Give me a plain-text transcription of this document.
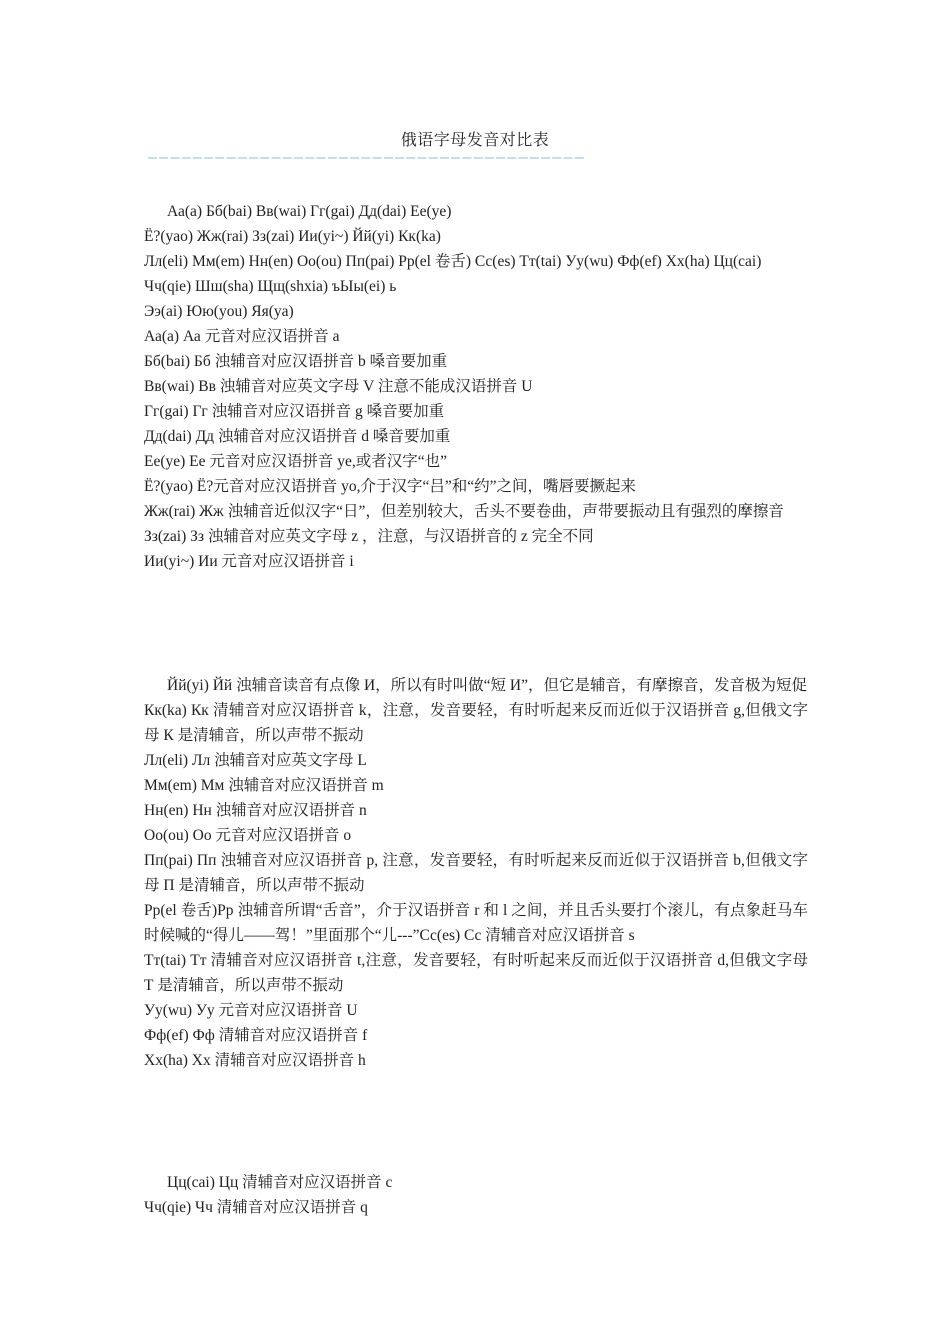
俄语字母发音对比表
———————————————————————————————————————

Аа(a) Бб(bai) Вв(wai) Гг(gai) Дд(dai) Ее(ye)

Ё?(yao) Жж(rai) Зз(zai) Ии(yi~) Йй(yi) Кк(ka)

Лл(eli) Мм(em) Нн(en) Оо(ou) Пп(pai) Рр(el 卷舌) Сс(es) Тт(tai) Уу(wu) Фф(ef) Хх(ha) Цц(cai)

Чч(qie) Шш(sha) Щщ(shxia) ъЫы(ei) ь

Ээ(ai) Юю(you) Яя(ya)

Аа(a) Аа 元音对应汉语拼音 a

Бб(bai) Бб 浊辅音对应汉语拼音 b 嗓音要加重

Вв(wai) Вв 浊辅音对应英文字母 V 注意不能成汉语拼音 U

Гг(gai) Гг 浊辅音对应汉语拼音 g 嗓音要加重

Дд(dai) Дд 浊辅音对应汉语拼音 d 嗓音要加重

Ее(ye) Ее 元音对应汉语拼音 ye,或者汉字“也”

Ё?(yao) Ё?元音对应汉语拼音 yo,介于汉字“吕”和“约”之间，嘴唇要撅起来

Жж(rai) Жж 浊辅音近似汉字“日”，但差别较大，舌头不要卷曲，声带要振动且有强烈的摩擦音

Зз(zai) Зз 浊辅音对应英文字母 z ，注意，与汉语拼音的 z 完全不同

Ии(yi~) Ии 元音对应汉语拼音 i

Йй(yi) Йй 浊辅音读音有点像 И，所以有时叫做“短 И”，但它是辅音，有摩擦音，发音极为短促

Кк(ka) Кк 清辅音对应汉语拼音 k，注意，发音要轻，有时听起来反而近似于汉语拼音 g,但俄文字母 К 是清辅音，所以声带不振动

Лл(eli) Лл 浊辅音对应英文字母 L

Мм(em) Мм 浊辅音对应汉语拼音 m

Нн(en) Нн 浊辅音对应汉语拼音 n

Оо(ou) Оо 元音对应汉语拼音 o

Пп(pai) Пп 浊辅音对应汉语拼音 p, 注意，发音要轻，有时听起来反而近似于汉语拼音 b,但俄文字母 П 是清辅音，所以声带不振动

Рр(el 卷舌)Рр 浊辅音所谓“舌音”，介于汉语拼音 r 和 l 之间，并且舌头要打个滚儿，有点象赶马车时候喊的“得儿——驾！”里面那个“儿---”Сс(es) Сс 清辅音对应汉语拼音 s

Тт(tai) Тт 清辅音对应汉语拼音 t,注意，发音要轻，有时听起来反而近似于汉语拼音 d,但俄文字母 Т 是清辅音，所以声带不振动

Уу(wu) Уу 元音对应汉语拼音 U

Фф(ef) Фф 清辅音对应汉语拼音 f

Хх(ha) Хх 清辅音对应汉语拼音 h

Цц(cai) Цц 清辅音对应汉语拼音 c

Чч(qie) Чч 清辅音对应汉语拼音 q
